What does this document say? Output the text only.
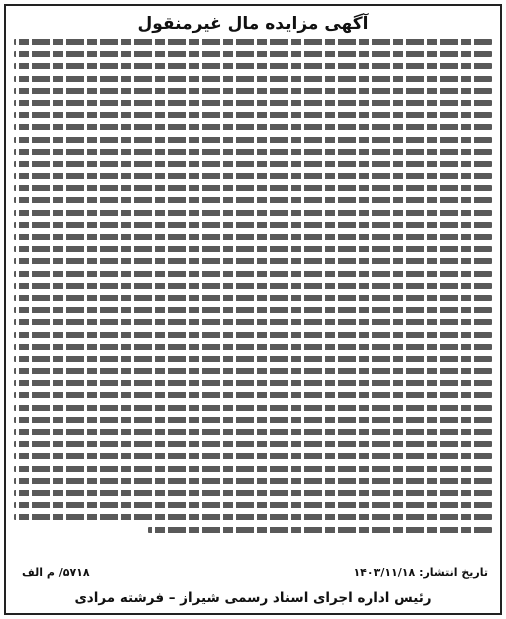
آگهی مزایده مال غیرمنقول
تاریخ انتشار: ۱۴۰۳/۱۱/۱۸
۵۷۱۸/ م الف
رئیس اداره اجرای اسناد رسمی شیراز – فرشته مرادی
